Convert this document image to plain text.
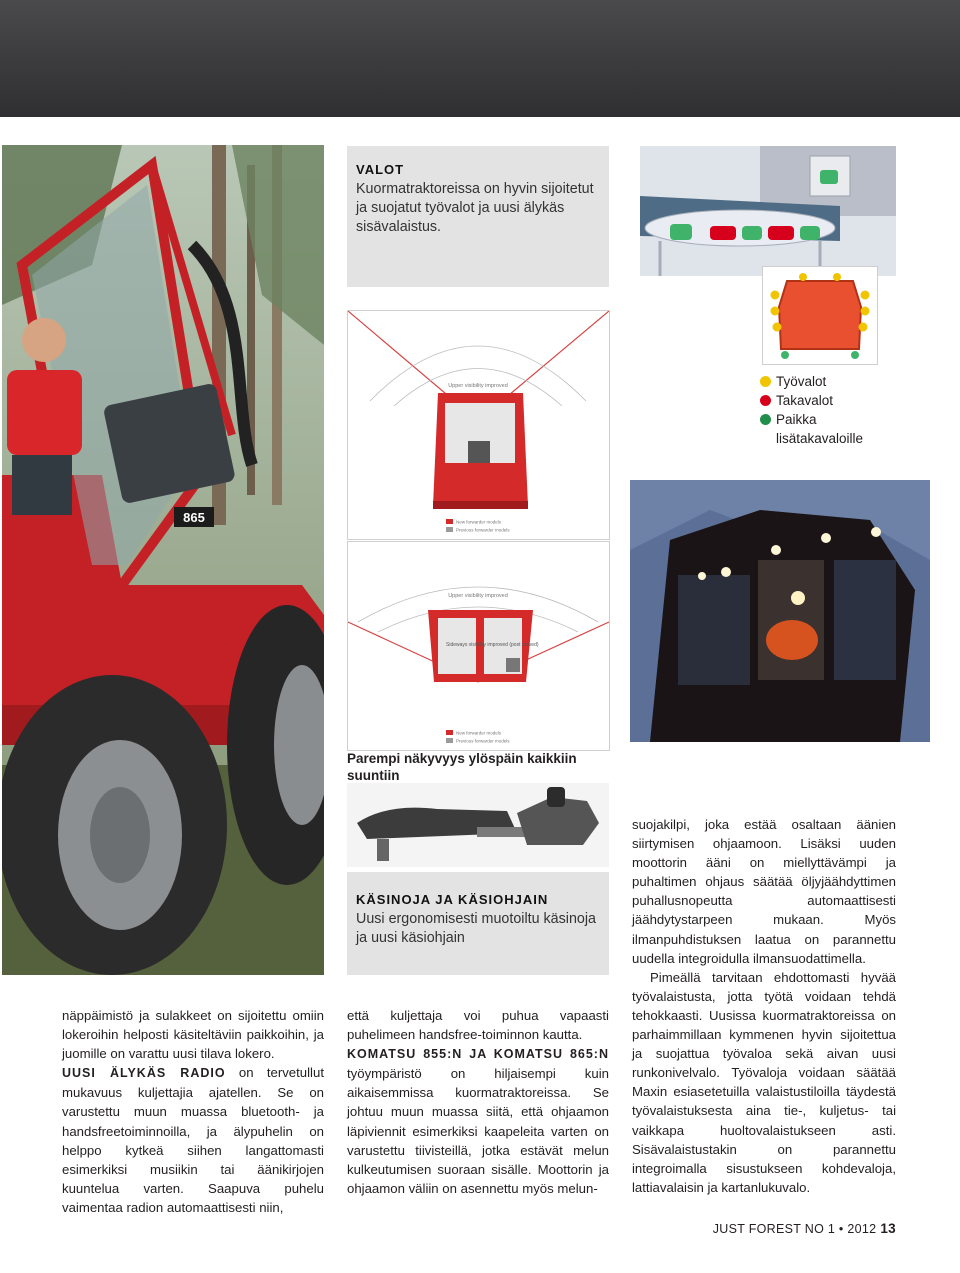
865
VALOT
Kuormatraktoreissa on hyvin sijoitetut ja suojatut työvalot ja uusi älykäs sisävalaistus.
Työvalot
Takavalot
Paikka lisätakavaloille
Upper visibility improved
New forwarder models
Previous forwarder models
Upper visibility improved
Sideways visibility improved (post moved)
New forwarder models
Previous forwarder models
Parempi näkyvyys ylöspäin kaikkiin suuntiin
KÄSINOJA JA KÄSIOHJAIN
Uusi ergonomisesti muotoiltu käsinoja ja uusi käsiohjain

näppäimistö ja sulakkeet on sijoitettu omiin lokeroihin helposti käsiteltäviin paikkoihin, ja juomille on varattu uusi tilava lokero.

UUSI ÄLYKÄS RADIO on tervetullut mukavuus kuljettajia ajatellen. Se on varustettu muun muassa bluetooth- ja handsfreetoiminnoilla, ja älypuhelin on helppo kytkeä siihen langattomasti esimerkiksi musiikin tai äänikirjojen kuuntelua varten. Saapuva puhelu vaimentaa radion automaattisesti niin,

että kuljettaja voi puhua vapaasti puhelimeen handsfree-toiminnon kautta.

KOMATSU 855:N JA KOMATSU 865:N työympäristö on hiljaisempi kuin aikaisemmissa kuormatraktoreissa. Se johtuu muun muassa siitä, että ohjaamon läpiviennit esimerkiksi kaapeleita varten on varustettu tiivisteillä, jotka estävät melun kulkeutumisen suoraan sisälle. Moottorin ja ohjaamon väliin on asennettu myös melun-

suojakilpi, joka estää osaltaan äänien siirtymisen ohjaamoon. Lisäksi uuden moottorin ääni on miellyttävämpi ja puhaltimen ohjaus säätää öljyjäähdyttimen puhallusnopeutta automaattisesti jäähdytystarpeen mukaan. Myös ilmanpuhdistuksen laatua on parannettu uudella integroidulla ilmansuodattimella.

Pimeällä tarvitaan ehdottomasti hyvää työvalaistusta, jotta työtä voidaan tehdä tehokkaasti. Uusissa kuormatraktoreissa on parhaimmillaan kymmenen hyvin sijoitettua ja suojattua työvaloa sekä aivan uusi runkonivelvalo. Työvaloja voidaan säätää Maxin esiasetetuilla valaistustiloilla täydestä työvalaistuksesta aina tie-, kuljetus- tai vaikkapa huoltovalaistukseen asti. Sisävalaistustakin on parannettu integroimalla sisustukseen kohdevaloja, lattiavalaisin ja kartanlukuvalo.

JUST FOREST NO 1 • 2012 13
